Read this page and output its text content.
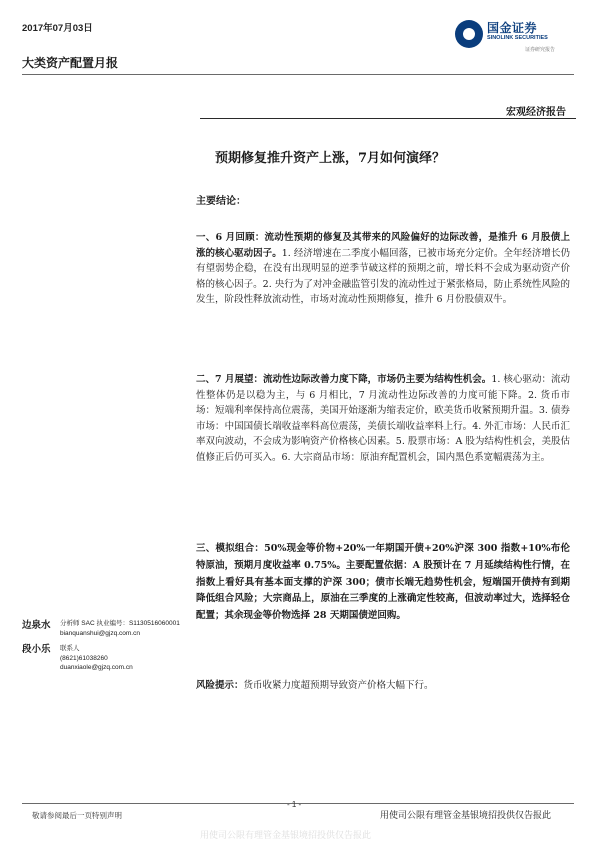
2017年07月03日	国金证券
SINOLINK SECURITIES
证券研究报告
大类资产配置月报
宏观经济报告
预期修复推升资产上涨，7月如何演绎？
主要结论：
一、6 月回顾：流动性预期的修复及其带来的风险偏好的边际改善，是推升 6 月股债上涨的核心驱动因子。1. 经济增速在二季度小幅回落，已被市场充分定价。全年经济增长仍有望弱势企稳，在没有出现明显的逆季节破这样的预期之前，增长料不会成为驱动资产价格的核心因子。2. 央行为了对冲金融监管引发的流动性过于紧张格局，防止系统性风险的发生，阶段性释放流动性，市场对流动性预期修复，推升 6 月份股债双牛。
二、7 月展望：流动性边际改善力度下降，市场仍主要为结构性机会。1. 核心驱动：流动性整体仍是以稳为主，与 6 月相比，7 月流动性边际改善的力度可能下降。2. 货币市场：短端利率保持高位震荡，美国开始逐渐为缩表定价，欧美货币收紧预期升温。3. 债券市场：中国国债长端收益率料高位震荡，美债长端收益率料上行。4. 外汇市场：人民币汇率双向波动，不会成为影响资产价格核心因素。5. 股票市场：A 股为结构性机会，美股估值修正后仍可买入。6. 大宗商品市场：原油弃配置机会，国内黑色系宽幅震荡为主。
三、模拟组合：50%现金等价物+20%一年期国开债+20%沪深 300 指数+10%布伦特原油，预期月度收益率 0.75%。主要配置依据：A 股预计在 7 月延续结构性行情，在指数上看好具有基本面支撑的沪深 300；债市长端无趋势性机会，短端国开债持有到期降低组合风险；大宗商品上，原油在三季度的上涨确定性较高，但波动率过大，选择轻仓配置；其余现金等价物选择 28 天期国债逆回购。
边泉水 分析师 SAC 执业编号：S1130516060001
bianquanshui@gjzq.com.cn
段小乐 联系人
(8621)61038260
duanxiaole@gjzq.com.cn
风险提示：货币收紧力度超预期导致资产价格大幅下行。
- 1 -
敬请参阅最后一页特别声明	用使司公限有理管金基银境招投供仅告报此
用使司公限有理管金基银境招投供仅告报此
